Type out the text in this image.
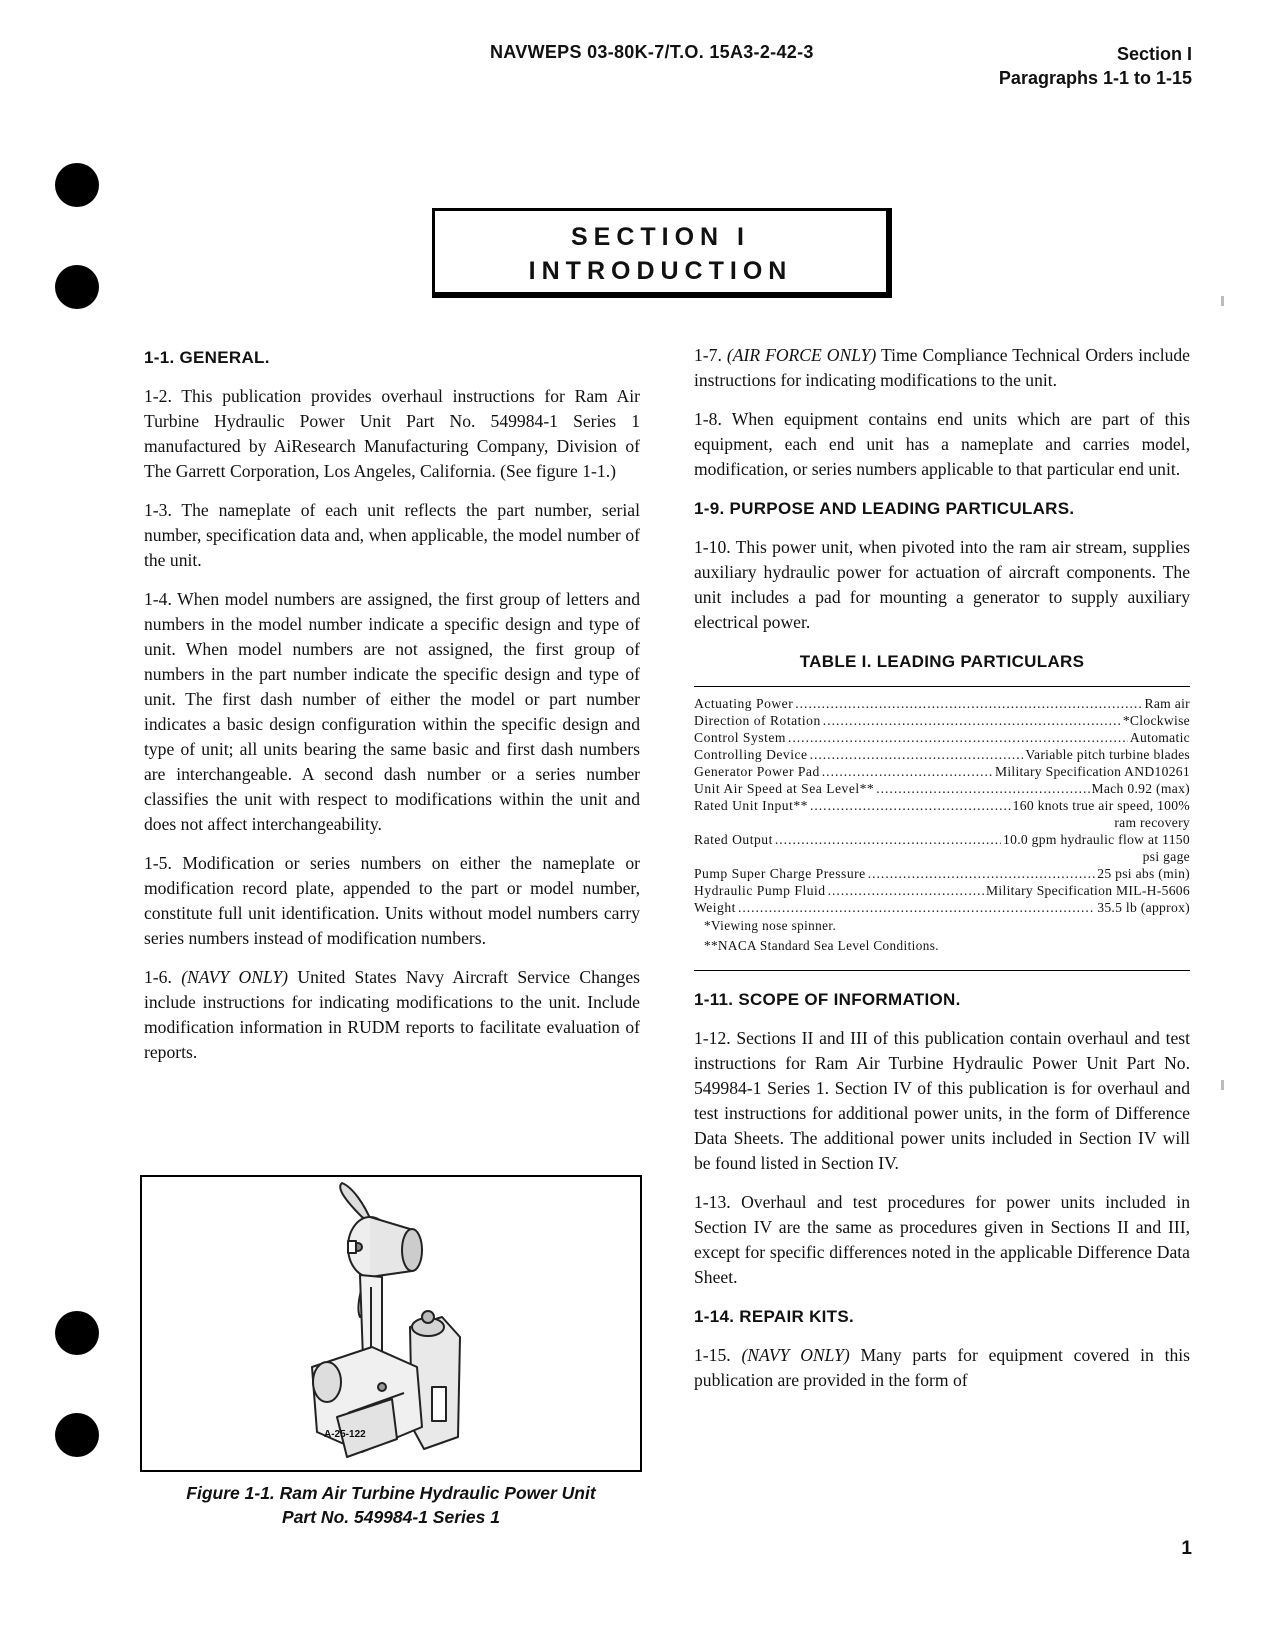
NAVWEPS 03-80K-7/T.O. 15A3-2-42-3	Section I
Paragraphs 1-1 to 1-15
SECTION I
INTRODUCTION
1-1. GENERAL.
1-2. This publication provides overhaul instructions for Ram Air Turbine Hydraulic Power Unit Part No. 549984-1 Series 1 manufactured by AiResearch Manufacturing Company, Division of The Garrett Corporation, Los Angeles, California. (See figure 1-1.)
1-3. The nameplate of each unit reflects the part number, serial number, specification data and, when applicable, the model number of the unit.
1-4. When model numbers are assigned, the first group of letters and numbers in the model number indicate a specific design and type of unit. When model numbers are not assigned, the first group of numbers in the part number indicate the specific design and type of unit. The first dash number of either the model or part number indicates a basic design configuration within the specific design and type of unit; all units bearing the same basic and first dash numbers are interchangeable. A second dash number or a series number classifies the unit with respect to modifications within the unit and does not affect interchangeability.
1-5. Modification or series numbers on either the nameplate or modification record plate, appended to the part or model number, constitute full unit identification. Units without model numbers carry series numbers instead of modification numbers.
1-6. (NAVY ONLY) United States Navy Aircraft Service Changes include instructions for indicating modifications to the unit. Include modification information in RUDM reports to facilitate evaluation of reports.
A-25-122
Figure 1-1. Ram Air Turbine Hydraulic Power Unit
Part No. 549984-1 Series 1
1-7. (AIR FORCE ONLY) Time Compliance Technical Orders include instructions for indicating modifications to the unit.
1-8. When equipment contains end units which are part of this equipment, each end unit has a nameplate and carries model, modification, or series numbers applicable to that particular end unit.
1-9. PURPOSE AND LEADING PARTICULARS.
1-10. This power unit, when pivoted into the ram air stream, supplies auxiliary hydraulic power for actuation of aircraft components. The unit includes a pad for mounting a generator to supply auxiliary electrical power.
TABLE I. LEADING PARTICULARS
Actuating Power .....	Ram air
Direction of Rotation .....	*Clockwise
Control System .....	Automatic
Controlling Device .....	Variable pitch turbine blades
Generator Power Pad .....	Military Specification AND10261
Unit Air Speed at Sea Level** .....	Mach 0.92 (max)
Rated Unit Input** .....	160 knots true air speed, 100%
ram recovery
Rated Output .....	10.0 gpm hydraulic flow at 1150
psi gage
Pump Super Charge Pressure .....	25 psi abs (min)
Hydraulic Pump Fluid .....	Military Specification MIL-H-5606
Weight .....	35.5 lb (approx)
*Viewing nose spinner.
**NACA Standard Sea Level Conditions.
1-11. SCOPE OF INFORMATION.
1-12. Sections II and III of this publication contain overhaul and test instructions for Ram Air Turbine Hydraulic Power Unit Part No. 549984-1 Series 1. Section IV of this publication is for overhaul and test instructions for additional power units, in the form of Difference Data Sheets. The additional power units included in Section IV will be found listed in Section IV.
1-13. Overhaul and test procedures for power units included in Section IV are the same as procedures given in Sections II and III, except for specific differences noted in the applicable Difference Data Sheet.
1-14. REPAIR KITS.
1-15. (NAVY ONLY) Many parts for equipment covered in this publication are provided in the form of
1
